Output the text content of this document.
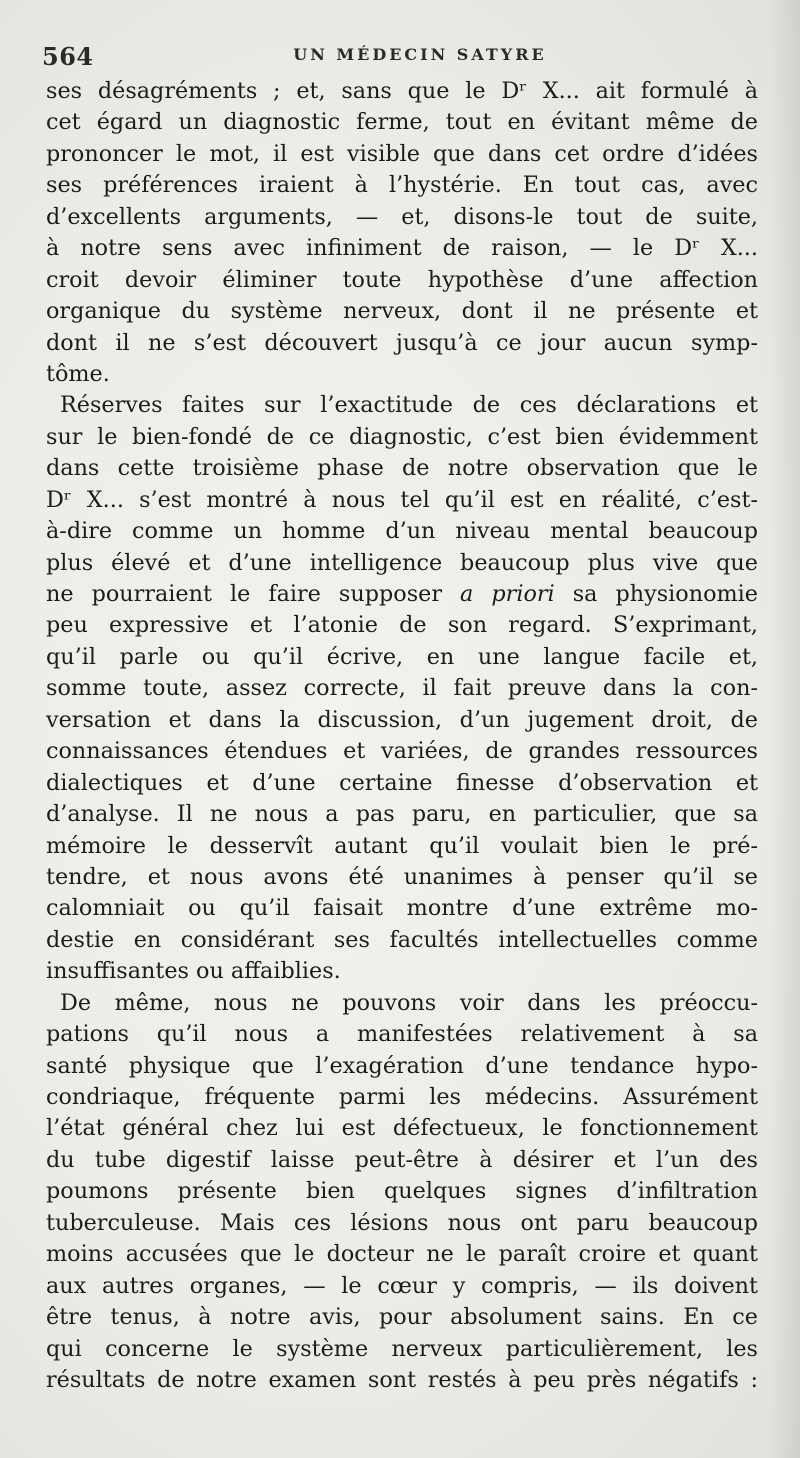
564	UN MÉDECIN SATYRE
ses désagréments ; et, sans que le Dʳ X... ait formulé à
cet égard un diagnostic ferme, tout en évitant même de
prononcer le mot, il est visible que dans cet ordre d’idées
ses préférences iraient à l’hystérie. En tout cas, avec
d’excellents arguments, — et, disons-le tout de suite,
à notre sens avec infiniment de raison, — le Dʳ X...
croit devoir éliminer toute hypothèse d’une affection
organique du système nerveux, dont il ne présente et
dont il ne s’est découvert jusqu’à ce jour aucun symp-
tôme.
Réserves faites sur l’exactitude de ces déclarations et
sur le bien-fondé de ce diagnostic, c’est bien évidemment
dans cette troisième phase de notre observation que le
Dʳ X... s’est montré à nous tel qu’il est en réalité, c’est-
à-dire comme un homme d’un niveau mental beaucoup
plus élevé et d’une intelligence beaucoup plus vive que
ne pourraient le faire supposer a priori sa physionomie
peu expressive et l’atonie de son regard. S’exprimant,
qu’il parle ou qu’il écrive, en une langue facile et,
somme toute, assez correcte, il fait preuve dans la con-
versation et dans la discussion, d’un jugement droit, de
connaissances étendues et variées, de grandes ressources
dialectiques et d’une certaine finesse d’observation et
d’analyse. Il ne nous a pas paru, en particulier, que sa
mémoire le desservît autant qu’il voulait bien le pré-
tendre, et nous avons été unanimes à penser qu’il se
calomniait ou qu’il faisait montre d’une extrême mo-
destie en considérant ses facultés intellectuelles comme
insuffisantes ou affaiblies.
De même, nous ne pouvons voir dans les préoccu-
pations qu’il nous a manifestées relativement à sa
santé physique que l’exagération d’une tendance hypo-
condriaque, fréquente parmi les médecins. Assurément
l’état général chez lui est défectueux, le fonctionnement
du tube digestif laisse peut-être à désirer et l’un des
poumons présente bien quelques signes d’infiltration
tuberculeuse. Mais ces lésions nous ont paru beaucoup
moins accusées que le docteur ne le paraît croire et quant
aux autres organes, — le cœur y compris, — ils doivent
être tenus, à notre avis, pour absolument sains. En ce
qui concerne le système nerveux particulièrement, les
résultats de notre examen sont restés à peu près négatifs :
